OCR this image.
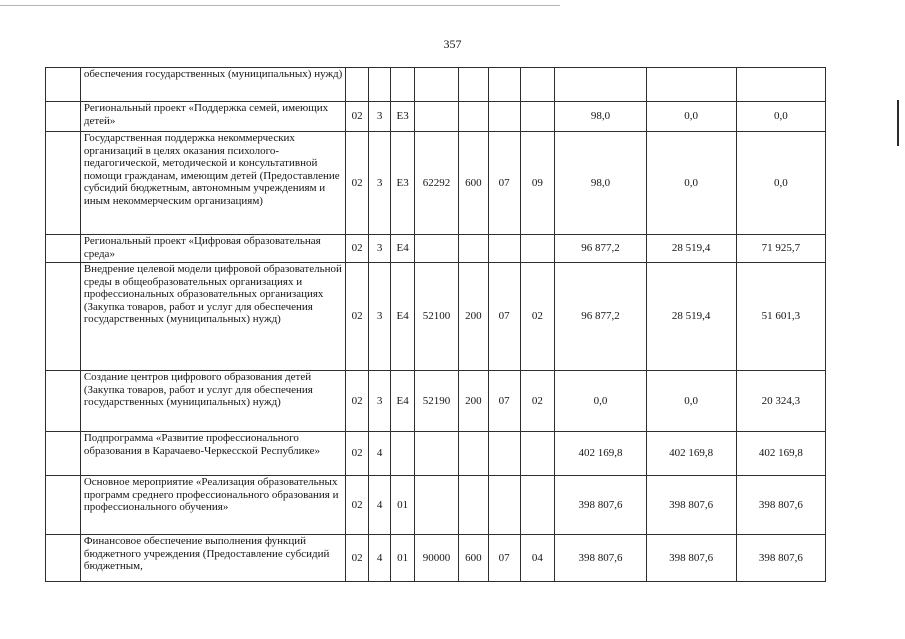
357
	обеспечения государственных (муниципальных) нужд)										
	Региональный проект «Поддержка семей, имеющих детей»	02	3	Е3					98,0	0,0	0,0
	Государственная поддержка некоммерческих организаций в целях оказания психолого-педагогической, методической и консультативной помощи гражданам, имеющим детей (Предоставление субсидий бюджетным, автономным учреждениям и иным некоммерческим организациям)	02	3	Е3	62292	600	07	09	98,0	0,0	0,0
	Региональный проект «Цифровая образовательная среда»	02	3	Е4					96 877,2	28 519,4	71 925,7
	Внедрение целевой модели цифровой образовательной среды в общеобразовательных организациях и профессиональных образовательных организациях (Закупка товаров, работ и услуг для обеспечения государственных (муниципальных) нужд)	02	3	Е4	52100	200	07	02	96 877,2	28 519,4	51 601,3
	Создание центров цифрового образования детей (Закупка товаров, работ и услуг для обеспечения государственных (муниципальных) нужд)	02	3	Е4	52190	200	07	02	0,0	0,0	20 324,3
	Подпрограмма «Развитие профессионального образования в Карачаево-Черкесской Республике»	02	4						402 169,8	402 169,8	402 169,8
	Основное мероприятие «Реализация образовательных программ среднего профессионального образования и профессионального обучения»	02	4	01					398 807,6	398 807,6	398 807,6
	Финансовое обеспечение выполнения функций бюджетного учреждения (Предоставление субсидий бюджетным,	02	4	01	90000	600	07	04	398 807,6	398 807,6	398 807,6
